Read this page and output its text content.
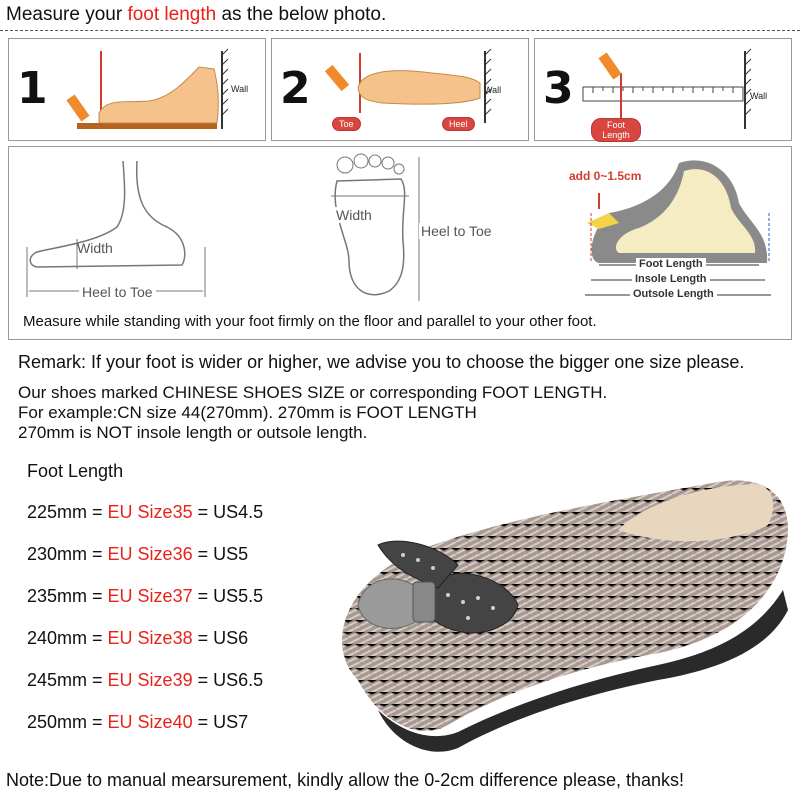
Measure your foot length as the below photo.
1	Wall 2	Wall
Toe	Heel
3	Wall
Foot Length
Width
Heel to Toe
Width
Heel to Toe
add 0~1.5cm
Foot Length
Insole Length
Outsole Length
Measure while standing with your foot firmly on the floor and parallel to your other foot.
Remark: If your foot is wider or higher, we advise you to choose the bigger one size please.
Our shoes marked CHINESE SHOES SIZE or corresponding FOOT LENGTH.
For example:CN size 44(270mm). 270mm is FOOT LENGTH
270mm is NOT insole length or outsole length.
Foot Length
225mm = EU Size35 = US4.5
230mm = EU Size36 = US5
235mm = EU Size37 = US5.5
240mm = EU Size38 = US6
245mm = EU Size39 = US6.5
250mm = EU Size40 = US7
Note:Due to manual mearsurement, kindly allow the 0-2cm difference please, thanks!
